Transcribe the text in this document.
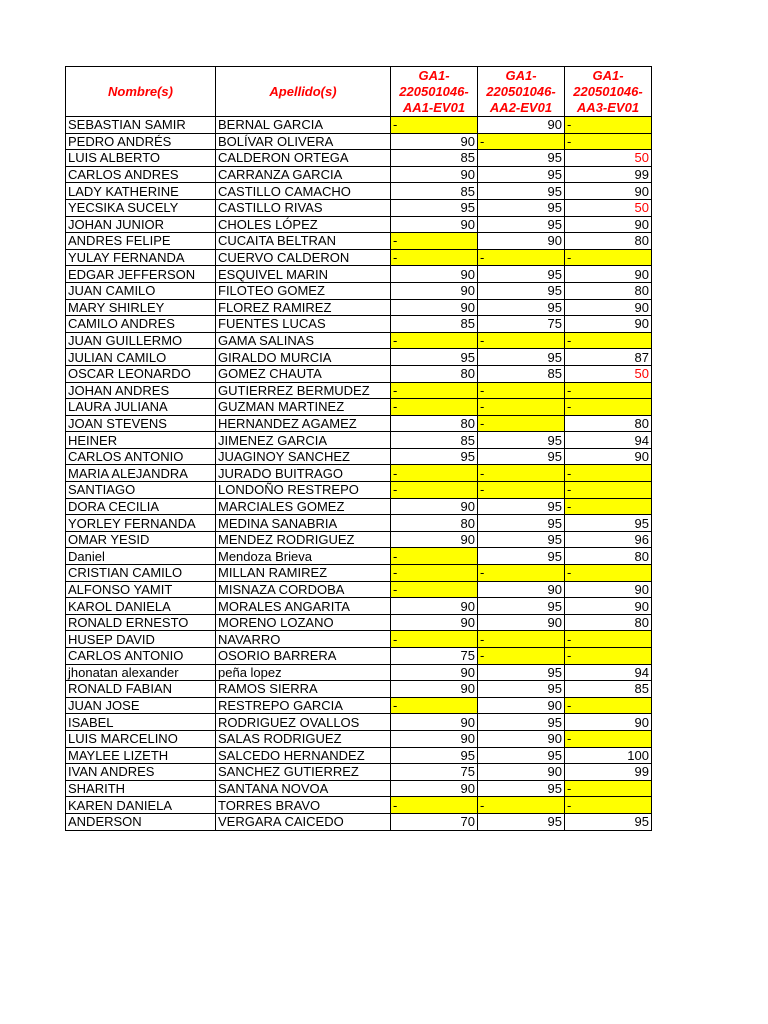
Nombre(s)	Apellido(s)	GA1-
220501046-
AA1-EV01	GA1-
220501046-
AA2-EV01	GA1-
220501046-
AA3-EV01

SEBASTIAN SAMIR	BERNAL GARCIA	-	90	-
PEDRO ANDRÉS	BOLÍVAR OLIVERA	90	-	-
LUIS ALBERTO	CALDERON ORTEGA	85	95	50
CARLOS ANDRES	CARRANZA GARCIA	90	95	99
LADY KATHERINE	CASTILLO CAMACHO	85	95	90
YECSIKA SUCELY	CASTILLO RIVAS	95	95	50
JOHAN JUNIOR	CHOLES LÓPEZ	90	95	90
ANDRES FELIPE	CUCAITA BELTRAN	-	90	80
YULAY FERNANDA	CUERVO CALDERON	-	-	-
EDGAR JEFFERSON	ESQUIVEL MARIN	90	95	90
JUAN CAMILO	FILOTEO GOMEZ	90	95	80
MARY SHIRLEY	FLOREZ RAMIREZ	90	95	90
CAMILO ANDRES	FUENTES LUCAS	85	75	90
JUAN GUILLERMO	GAMA SALINAS	-	-	-
JULIAN CAMILO	GIRALDO MURCIA	95	95	87
OSCAR LEONARDO	GOMEZ CHAUTA	80	85	50
JOHAN ANDRES	GUTIERREZ BERMUDEZ	-	-	-
LAURA JULIANA	GUZMAN MARTINEZ	-	-	-
JOAN STEVENS	HERNANDEZ AGAMEZ	80	-	80
HEINER	JIMENEZ GARCIA	85	95	94
CARLOS ANTONIO	JUAGINOY SANCHEZ	95	95	90
MARIA ALEJANDRA	JURADO BUITRAGO	-	-	-
SANTIAGO	LONDOÑO RESTREPO	-	-	-
DORA CECILIA	MARCIALES GOMEZ	90	95	-
YORLEY FERNANDA	MEDINA SANABRIA	80	95	95
OMAR YESID	MENDEZ RODRIGUEZ	90	95	96
Daniel	Mendoza Brieva	-	95	80
CRISTIAN CAMILO	MILLAN RAMIREZ	-	-	-
ALFONSO YAMIT	MISNAZA CORDOBA	-	90	90
KAROL DANIELA	MORALES ANGARITA	90	95	90
RONALD ERNESTO	MORENO LOZANO	90	90	80
HUSEP DAVID	NAVARRO	-	-	-
CARLOS ANTONIO	OSORIO BARRERA	75	-	-
jhonatan alexander	peña lopez	90	95	94
RONALD FABIAN	RAMOS SIERRA	90	95	85
JUAN JOSE	RESTREPO GARCIA	-	90	-
ISABEL	RODRIGUEZ OVALLOS	90	95	90
LUIS MARCELINO	SALAS RODRIGUEZ	90	90	-
MAYLEE LIZETH	SALCEDO HERNANDEZ	95	95	100
IVAN ANDRES	SANCHEZ GUTIERREZ	75	90	99
SHARITH	SANTANA NOVOA	90	95	-
KAREN DANIELA	TORRES BRAVO	-	-	-
ANDERSON	VERGARA CAICEDO	70	95	95
